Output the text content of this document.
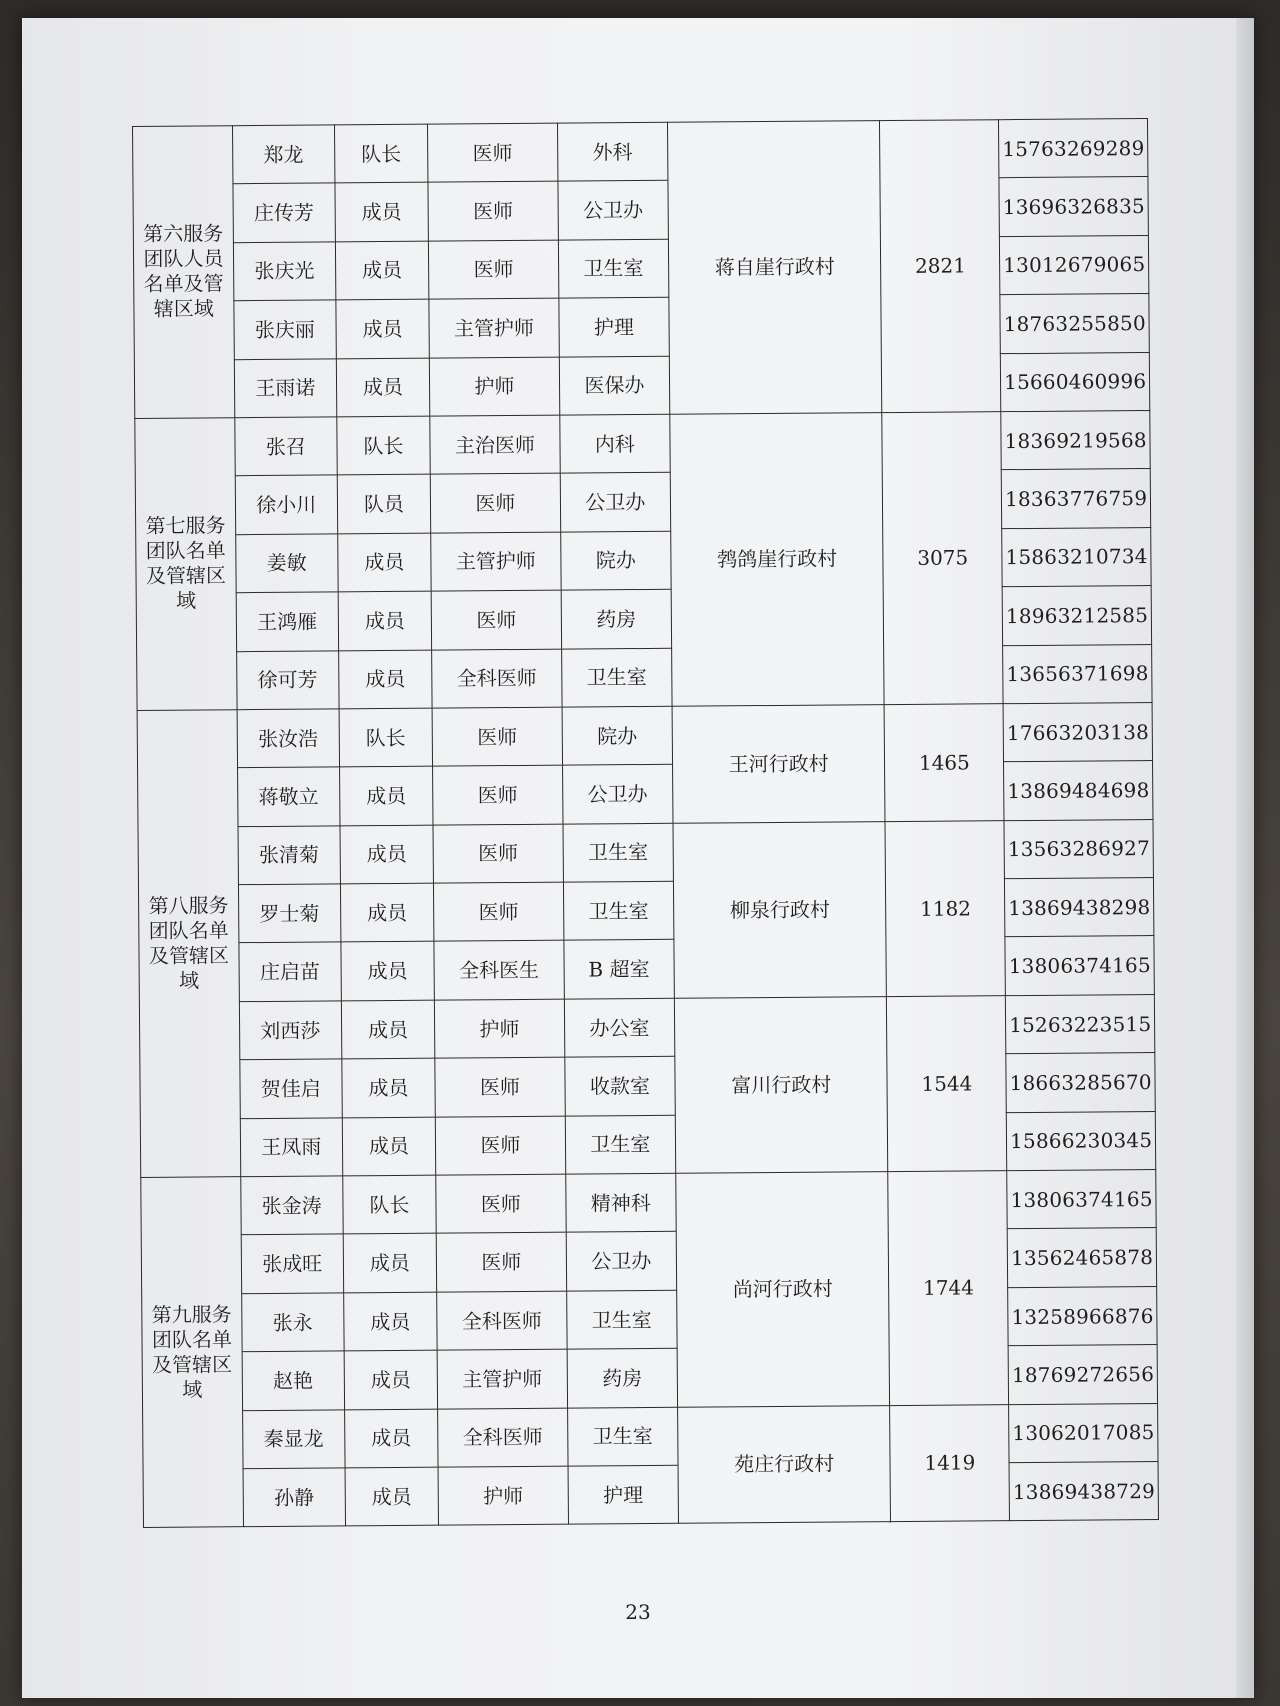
第六服务团队人员名单及管辖区域	郑龙	队长	医师	外科	蒋自崖行政村	2821	15763269289
	庄传芳	成员	医师	公卫办			13696326835
	张庆光	成员	医师	卫生室			13012679065
	张庆丽	成员	主管护师	护理			18763255850
	王雨诺	成员	护师	医保办			15660460996
第七服务团队名单及管辖区域	张召	队长	主治医师	内科	鹁鸽崖行政村	3075	18369219568
	徐小川	队员	医师	公卫办			18363776759
	姜敏	成员	主管护师	院办			15863210734
	王鸿雁	成员	医师	药房			18963212585
	徐可芳	成员	全科医师	卫生室			13656371698
第八服务团队名单及管辖区域	张汝浩	队长	医师	院办	王河行政村	1465	17663203138
	蒋敬立	成员	医师	公卫办			13869484698
	张清菊	成员	医师	卫生室	柳泉行政村	1182	13563286927
	罗士菊	成员	医师	卫生室			13869438298
	庄启苗	成员	全科医生	B 超室			13806374165
	刘西莎	成员	护师	办公室	富川行政村	1544	15263223515
	贺佳启	成员	医师	收款室			18663285670
	王凤雨	成员	医师	卫生室			15866230345
第九服务团队名单及管辖区域	张金涛	队长	医师	精神科	尚河行政村	1744	13806374165
	张成旺	成员	医师	公卫办			13562465878
	张永	成员	全科医师	卫生室			13258966876
	赵艳	成员	主管护师	药房			18769272656
	秦显龙	成员	全科医师	卫生室	苑庄行政村	1419	13062017085
	孙静	成员	护师	护理			13869438729
23
